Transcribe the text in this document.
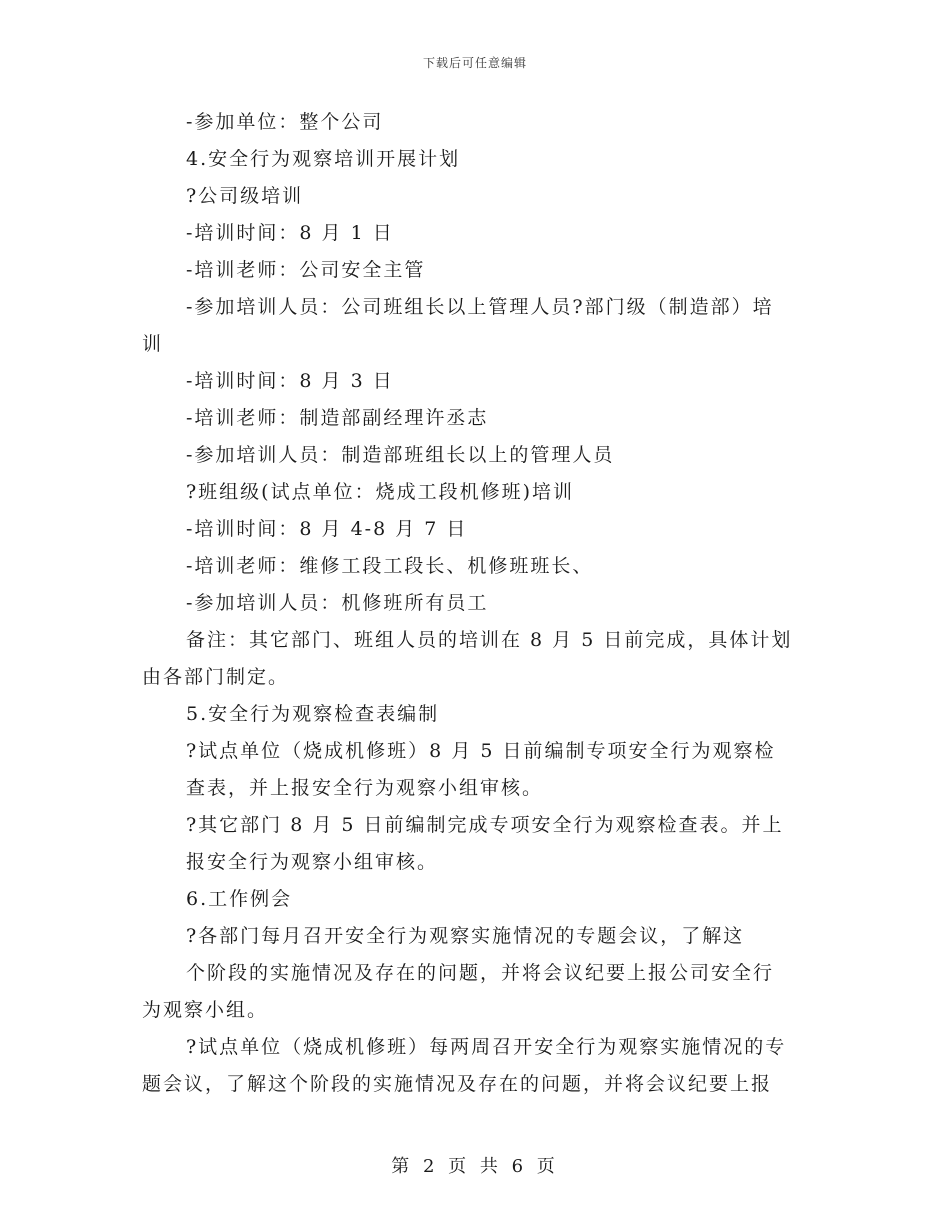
下载后可任意编辑
-参加单位：整个公司
4.安全行为观察培训开展计划
?公司级培训
-培训时间：8 月 1 日
-培训老师：公司安全主管
-参加培训人员：公司班组长以上管理人员?部门级（制造部）培
训
-培训时间：8 月 3 日
-培训老师：制造部副经理许丞志
-参加培训人员：制造部班组长以上的管理人员
?班组级(试点单位：烧成工段机修班)培训
-培训时间：8 月 4-8 月 7 日
-培训老师：维修工段工段长、机修班班长、
-参加培训人员：机修班所有员工
备注：其它部门、班组人员的培训在 8 月 5 日前完成，具体计划
由各部门制定。
5.安全行为观察检查表编制
?试点单位（烧成机修班）8 月 5 日前编制专项安全行为观察检
查表，并上报安全行为观察小组审核。
?其它部门 8 月 5 日前编制完成专项安全行为观察检查表。并上
报安全行为观察小组审核。
6.工作例会
?各部门每月召开安全行为观察实施情况的专题会议，了解这
个阶段的实施情况及存在的问题，并将会议纪要上报公司安全行
为观察小组。
?试点单位（烧成机修班）每两周召开安全行为观察实施情况的专
题会议，了解这个阶段的实施情况及存在的问题，并将会议纪要上报
第 2 页 共 6 页
